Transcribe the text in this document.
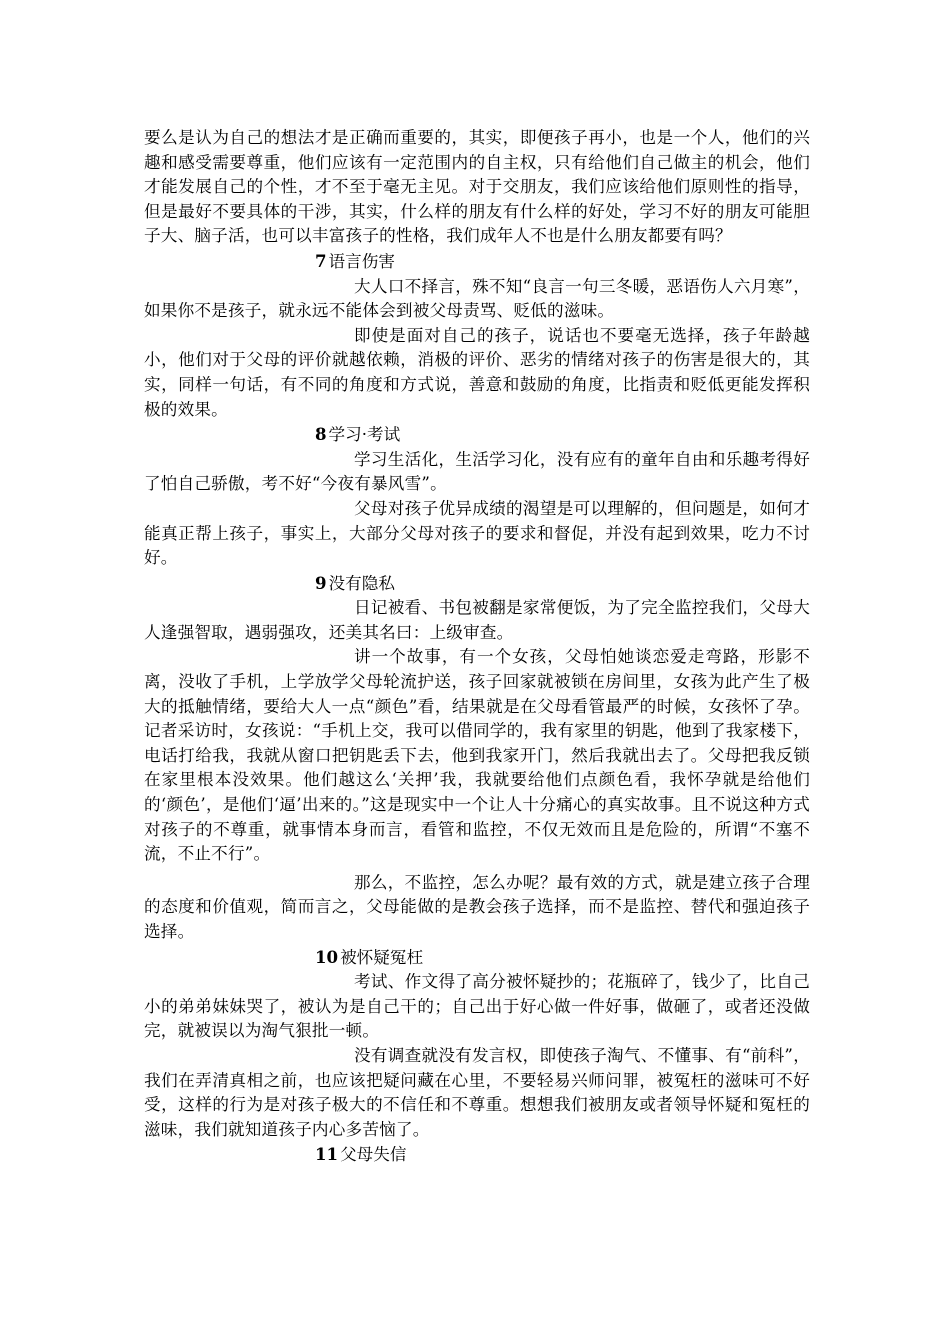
要么是认为自己的想法才是正确而重要的，其实，即便孩子再小，也是一个人，他们的兴趣和感受需要尊重，他们应该有一定范围内的自主权，只有给他们自己做主的机会，他们才能发展自己的个性，才不至于毫无主见。对于交朋友，我们应该给他们原则性的指导，但是最好不要具体的干涉，其实，什么样的朋友有什么样的好处，学习不好的朋友可能胆子大、脑子活，也可以丰富孩子的性格，我们成年人不也是什么朋友都要有吗？

7 语言伤害

大人口不择言，殊不知“良言一句三冬暖，恶语伤人六月寒”，如果你不是孩子，就永远不能体会到被父母责骂、贬低的滋味。

即使是面对自己的孩子，说话也不要毫无选择，孩子年龄越小，他们对于父母的评价就越依赖，消极的评价、恶劣的情绪对孩子的伤害是很大的，其实，同样一句话，有不同的角度和方式说，善意和鼓励的角度，比指责和贬低更能发挥积极的效果。

8 学习·考试

学习生活化，生活学习化，没有应有的童年自由和乐趣考得好了怕自己骄傲，考不好“今夜有暴风雪”。

父母对孩子优异成绩的渴望是可以理解的，但问题是，如何才能真正帮上孩子，事实上，大部分父母对孩子的要求和督促，并没有起到效果，吃力不讨好。

9 没有隐私

日记被看、书包被翻是家常便饭，为了完全监控我们，父母大人逢强智取，遇弱强攻，还美其名曰：上级审查。

讲一个故事，有一个女孩，父母怕她谈恋爱走弯路，形影不离，没收了手机，上学放学父母轮流护送，孩子回家就被锁在房间里，女孩为此产生了极大的抵触情绪，要给大人一点“颜色”看，结果就是在父母看管最严的时候，女孩怀了孕。记者采访时，女孩说：“手机上交，我可以借同学的，我有家里的钥匙，他到了我家楼下，电话打给我，我就从窗口把钥匙丢下去，他到我家开门，然后我就出去了。父母把我反锁在家里根本没效果。他们越这么‘关押’我，我就要给他们点颜色看，我怀孕就是给他们的‘颜色’，是他们‘逼’出来的。”这是现实中一个让人十分痛心的真实故事。且不说这种方式对孩子的不尊重，就事情本身而言，看管和监控，不仅无效而且是危险的，所谓“不塞不流，不止不行”。

那么，不监控，怎么办呢？最有效的方式，就是建立孩子合理的态度和价值观，简而言之，父母能做的是教会孩子选择，而不是监控、替代和强迫孩子选择。

10 被怀疑冤枉

考试、作文得了高分被怀疑抄的；花瓶碎了，钱少了，比自己小的弟弟妹妹哭了，被认为是自己干的；自己出于好心做一件好事，做砸了，或者还没做完，就被误以为淘气狠批一顿。

没有调查就没有发言权，即使孩子淘气、不懂事、有“前科”，我们在弄清真相之前，也应该把疑问藏在心里，不要轻易兴师问罪，被冤枉的滋味可不好受，这样的行为是对孩子极大的不信任和不尊重。想想我们被朋友或者领导怀疑和冤枉的滋味，我们就知道孩子内心多苦恼了。

11 父母失信
